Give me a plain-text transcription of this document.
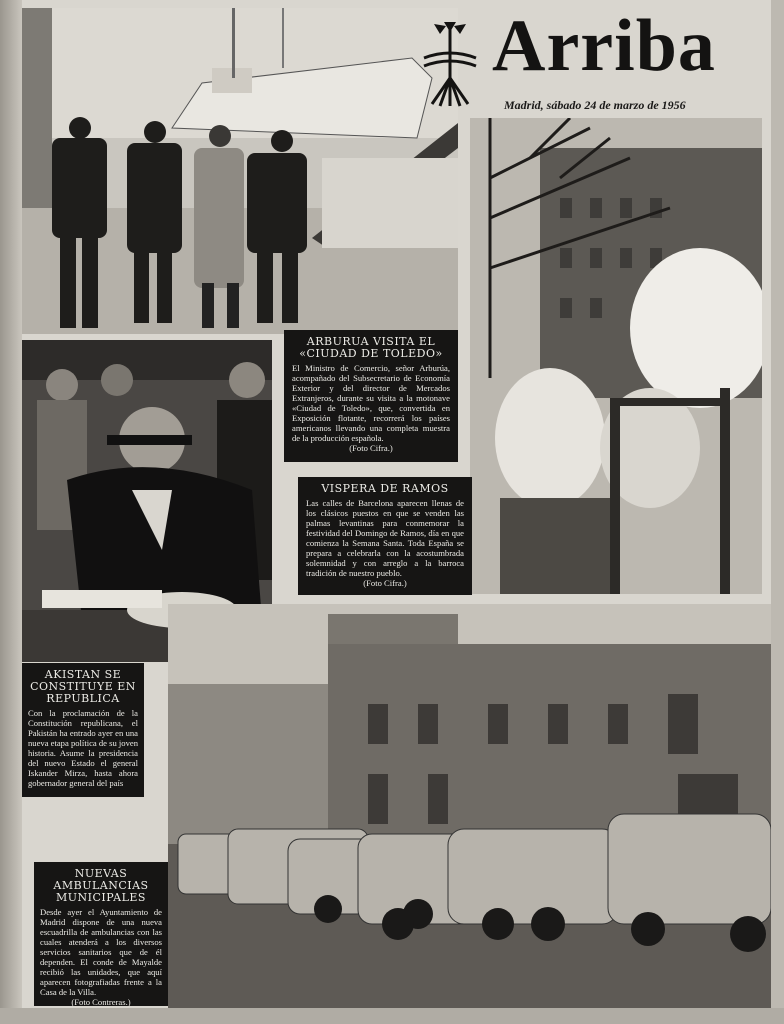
Arriba
Madrid, sábado 24 de marzo de 1956
ARBURUA VISITA EL «CIUDAD DE TOLEDO»

El Ministro de Comercio, señor Arburúa, acompañado del Subsecretario de Economía Exterior y del director de Mercados Extranjeros, durante su visita a la motonave «Ciudad de Toledo», que, convertida en Exposición flotante, recorrerá los países americanos llevando una completa muestra de la producción española.
(Foto Cifra.)

VISPERA DE RAMOS

Las calles de Barcelona aparecen llenas de los clásicos puestos en que se venden las palmas levantinas para conmemorar la festividad del Domingo de Ramos, día en que comienza la Semana Santa. Toda España se prepara a celebrarla con la acostumbrada solemnidad y con arreglo a la barroca tradición de nuestro pueblo.
(Foto Cifra.)

AKISTAN SE CONSTITUYE EN REPUBLICA

Con la proclamación de la Constitución republicana, el Pakistán ha entrado ayer en una nueva etapa política de su joven historia. Asume la presidencia del nuevo Estado el general Iskander Mirza, hasta ahora gobernador general del país

NUEVAS AMBULANCIAS MUNICIPALES

Desde ayer el Ayuntamiento de Madrid dispone de una nueva escuadrilla de ambulancias con las cuales atenderá a los diversos servicios sanitarios que de él dependen. El conde de Mayalde recibió las unidades, que aquí aparecen fotografiadas frente a la Casa de la Villa.
(Foto Contreras.)
